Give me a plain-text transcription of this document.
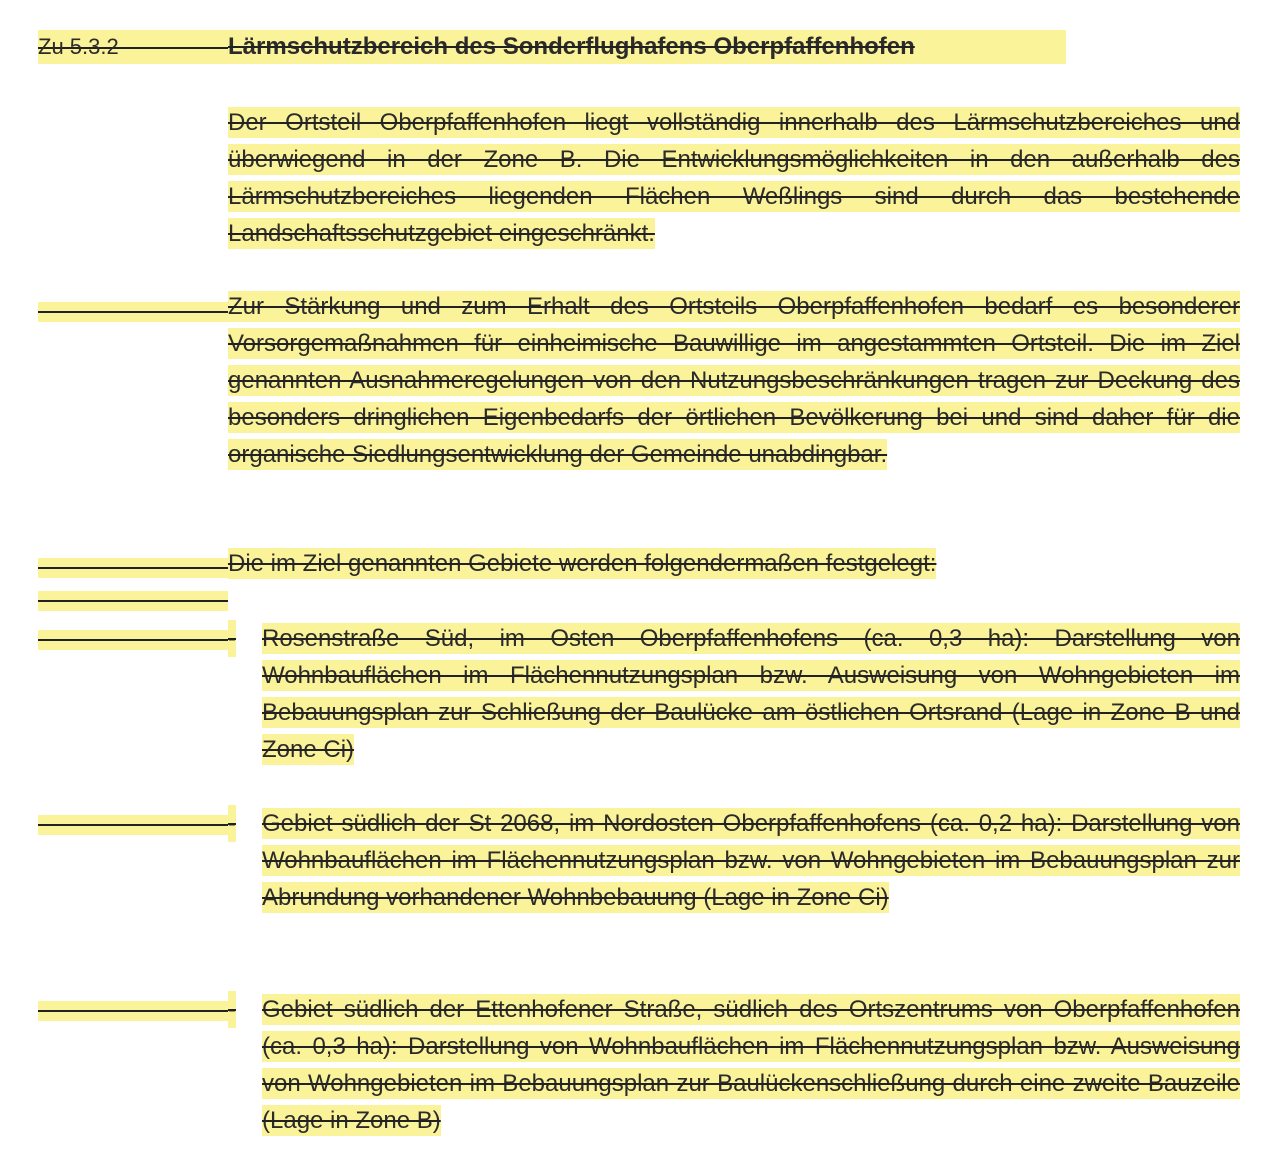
Zu 5.3.2	Lärmschutzbereich des Sonderflughafens Oberpfaffenhofen

Der Ortsteil Oberpfaffenhofen liegt vollständig innerhalb des Lärmschutzbereiches und überwiegend in der Zone B. Die Entwicklungsmöglichkeiten in den außerhalb des Lärmschutzbereiches liegenden Flächen Weßlings sind durch das bestehende Landschaftsschutzgebiet eingeschränkt.

Zur Stärkung und zum Erhalt des Ortsteils Oberpfaffenhofen bedarf es besonderer Vorsorgemaßnahmen für einheimische Bauwillige im angestammten Ortsteil. Die im Ziel genannten Ausnahmeregelungen von den Nutzungsbeschränkungen tragen zur Deckung des besonders dringlichen Eigenbedarfs der örtlichen Bevölkerung bei und sind daher für die organische Siedlungsentwicklung der Gemeinde unabdingbar.

Die im Ziel genannten Gebiete werden folgendermaßen festgelegt:

- Rosenstraße Süd, im Osten Oberpfaffenhofens (ca. 0,3 ha): Darstellung von Wohnbauflächen im Flächennutzungsplan bzw. Ausweisung von Wohngebieten im Bebauungsplan zur Schließung der Baulücke am östlichen Ortsrand (Lage in Zone B und Zone Ci)

- Gebiet südlich der St 2068, im Nordosten Oberpfaffenhofens (ca. 0,2 ha): Darstellung von Wohnbauflächen im Flächennutzungsplan bzw. von Wohngebieten im Bebauungsplan zur Abrundung vorhandener Wohnbebauung (Lage in Zone Ci)

- Gebiet südlich der Ettenhofener Straße, südlich des Ortszentrums von Oberpfaffenhofen (ca. 0,3 ha): Darstellung von Wohnbauflächen im Flächennutzungsplan bzw. Ausweisung von Wohngebieten im Bebauungsplan zur Baulückenschließung durch eine zweite Bauzeile (Lage in Zone B)
